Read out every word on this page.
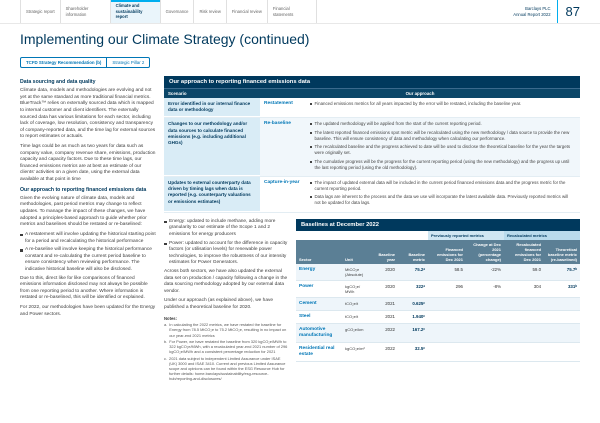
Strategic report
Shareholder information
Climate and sustainability report
Governance	Risk review	Financial review
Financial statements
Barclays PLC
Annual Report 2022	87
Implementing our Climate Strategy (continued)
TCFD Strategy Recommendation (b)	Strategic Pillar 2
Data sourcing and data quality

Climate data, models and methodologies are evolving and not yet at the same standard as more traditional financial metrics. BlueTrack™ relies on externally sourced data which is mapped to internal customer and client identifiers. The externally sourced data has various limitations for each sector, including lack of coverage, low resolution, consistency and transparency of company-reported data, and the time lag for external sources to report estimates or actuals.

Time lags could be as much as two years for data such as company value, company revenue share, emissions, production capacity and capacity factors. Due to these time lags, our financed emissions metrics are at best an estimate of our clients' activities on a given date, using the external data available at that point in time

Our approach to reporting financed emissions data

Given the evolving nature of climate data, models and methodologies, past period metrics may change to reflect updates. To manage the impact of these changes, we have adopted a principles-based approach to guide whether prior metrics and baselines should be restated or re-baselined:

A restatement will involve updating the historical starting point for a period and recalculating the historical performance
A re-baseline will involve keeping the historical performance constant and re-calculating the current period baseline to ensure consistency when reviewing performance. The indicative historical baseline will also be disclosed.

Due to this, direct like for like comparisons of financed emissions information disclosed may not always be possible from one reporting period to another. Where information is restated or re-baselined, this will be identified or explained.

For 2022, our methodologies have been updated for the Energy and Power sectors.

Our approach to reporting financed emissions data
Scenario	Our approach
Error identified in our internal finance data or methodology
Restatement	Financed emissions metrics for all years impacted by the error will be restated, including the baseline year.
Changes to our methodology and/or data sources to calculate financed emissions (e.g. including additional GHGs)
Re-baseline	The updated methodology will be applied from the start of the current reporting period.
The latest reported financed emissions spot metric will be recalculated using the new methodology / data source to provide the new baseline. This will ensure consistency of data and methodology when calculating our performance.
The recalculated baseline and the progress achieved to date will be used to disclose the theoretical baseline for the year the targets were originally set.
The cumulative progress will be the progress for the current reporting period (using the new methodology) and the progress up until the last reporting period (using the old methodology).
Updates to external counterparty data driven by timing lags when data is reported (e.g. counterparty valuations or emissions estimates)
Capture-in-year	The impact of updated external data will be included in the current period financed emissions data and the progress metric for the current reporting period.
Data lags are inherent to the process and the data we use will incorporate the latest available data. Previously reported metrics will not be updated for data lags.
Energy: updated to include methane, adding more granularity to our estimate of the Scope 1 and 2 emissions for energy producers
Power: updated to account for the difference in capacity factors (or utilisation levels) for renewable power technologies, to improve the robustness of our intensity estimates for Power Generators.

Across both sectors, we have also updated the external data set on production / capacity following a change in the data sourcing methodology adopted by our external data vendor.

Under our approach (as explained above), we have published a theoretical baseline for 2020.

Notes:
a. In calculating the 2022 metrics, we have restated the baseline for Energy from 78.5 MtCO₂e to 75.2 MtCO₂e, resulting in no impact on our year-end 2021 metrics
b. For Power, we have restated the baseline from 320 kgCO₂e/MWh to 322 kgCO₂e/MWh, with a recalculated year-end 2021 number of 296 kgCO₂e/MWh and a consistent percentage reduction for 2021
c. 2021 data subject to independent Limited Assurance under ISAE (UK) 3000 and ISAE 3410. Current and previous Limited Assurance scope and opinions can be found within the ESG Resource Hub for further details: home.barclays/sustainability/esg-resource-hub/reporting-and-disclosures/
Baselines at December 2022
				Previously reported metrics		Recalculated metrics	
Sector	Unit	Baseline year	Baseline metric	Financed emissions for Dec 2021	Change at Dec 2021 (percentage change)	Recalculated financed emissions for Dec 2021	Theoretical baseline metric (re-baselined)
Energy	MtCO₂e (Absolute)	2020	75.2ᵃ	58.5	-22%	59.0	75.7ᵇ
Power	kgCO₂e/ MWh	2020	322ᵃ	296	-8%	304	331ᵇ
Cement	tCO₂e/t	2021	0.625ᶜ				
Steel	tCO₂e/t	2021	1.940ᶜ				
Automotive manufacturing	gCO₂e/km	2022	167.2ᶜ				
Residential real estate	kgCO₂e/m²	2022	32.5ᶜ				
